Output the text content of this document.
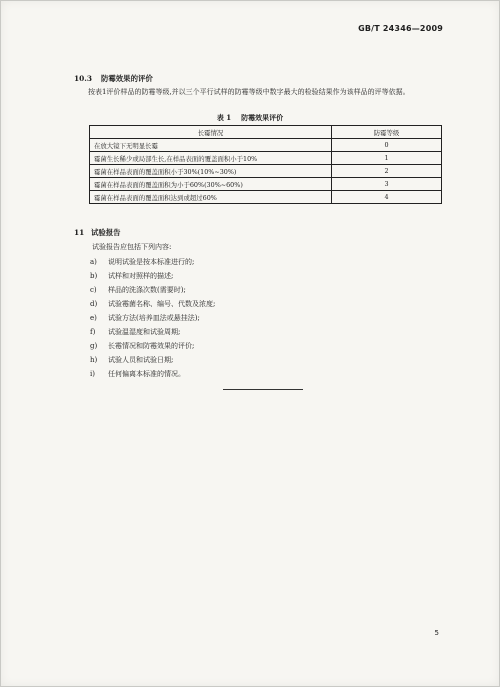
GB/T 24346—2009
10.3 防霉效果的评价
按表1评价样品的防霉等级,并以三个平行试样的防霉等级中数字最大的检验结果作为该样品的评等依据。
表 1 防霉效果评价
长霉情况	防霉等级
在放大镜下无明显长霉	0
霉菌生长稀少或局部生长,在样品表面的覆盖面积小于10%	1
霉菌在样品表面的覆盖面积小于30%(10%~30%)	2
霉菌在样品表面的覆盖面积为小于60%(30%~60%)	3
霉菌在样品表面的覆盖面积达到或超过60%	4
11 试验报告
试验报告应包括下列内容:
a) 说明试验是按本标准进行的;
b) 试样和对照样的描述;
c) 样品的洗涤次数(需要时);
d) 试验霉菌名称、编号、代数及浓度;
e) 试验方法(培养皿法或悬挂法);
f) 试验温湿度和试验周期;
g) 长霉情况和防霉效果的评价;
h) 试验人员和试验日期;
i) 任何偏离本标准的情况。
5
